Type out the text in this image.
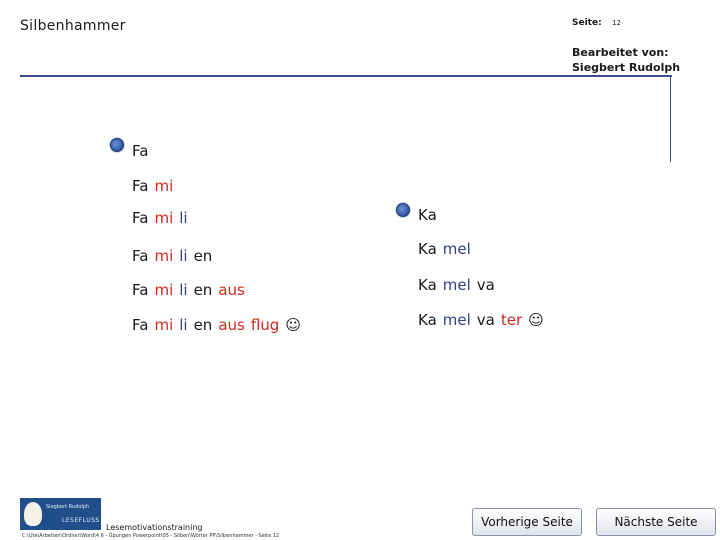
Silbenhammer	Seite: 12
Bearbeitet von:
Siegbert Rudolph
Fa
Fa mi
Fa mi li
Fa mi li en
Fa mi li en aus
Fa mi li en aus flug ☺
Ka
Ka mel
Ka mel va
Ka mel va ter ☺
Siegbert Rudolph
LESEFLUSS
Lesemotivationstraining
C:\Ute\Arbeiten\Ordner\Word\4.6 - Übungen Powerpoint\05 - Silben\Wörter PP\Silbenhammer - Seite 12
Vorherige Seite	Nächste Seite
